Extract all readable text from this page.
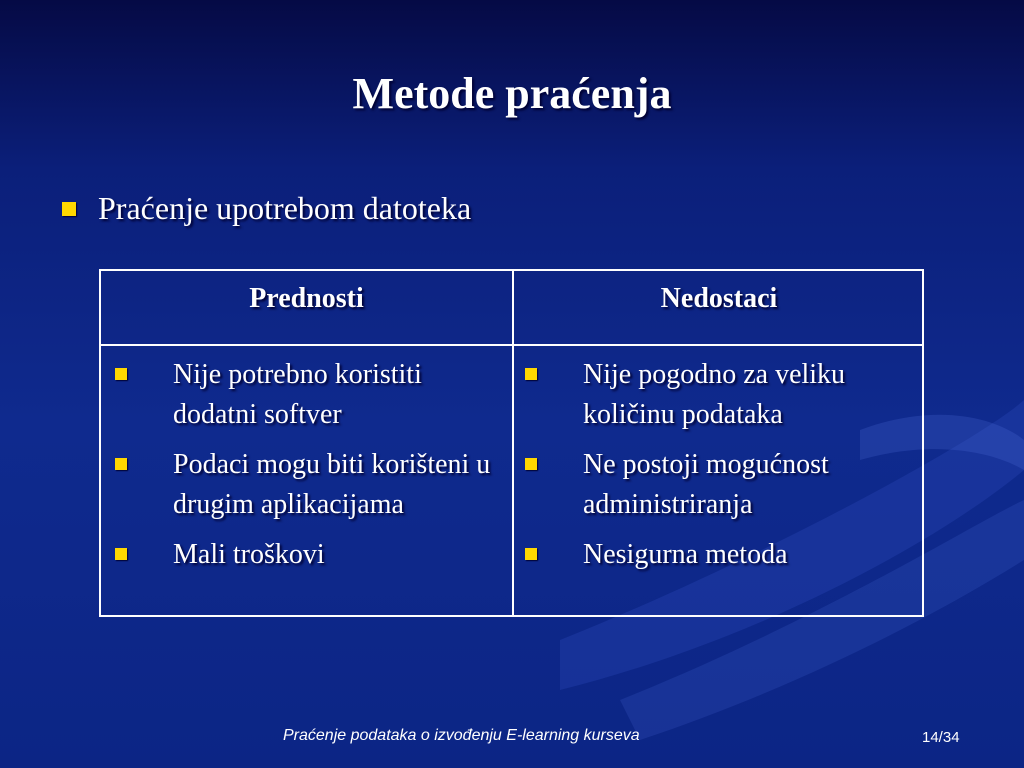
Metode praćenja
Praćenje upotrebom datoteka
Prednosti	Nedostaci
Nije potrebno koristiti dodatni softver
Podaci mogu biti korišteni u drugim aplikacijama
Mali troškovi
Nije pogodno za veliku količinu podataka
Ne postoji mogućnost administriranja
Nesigurna metoda
Praćenje podataka o izvođenju E-learning kurseva	14/34
